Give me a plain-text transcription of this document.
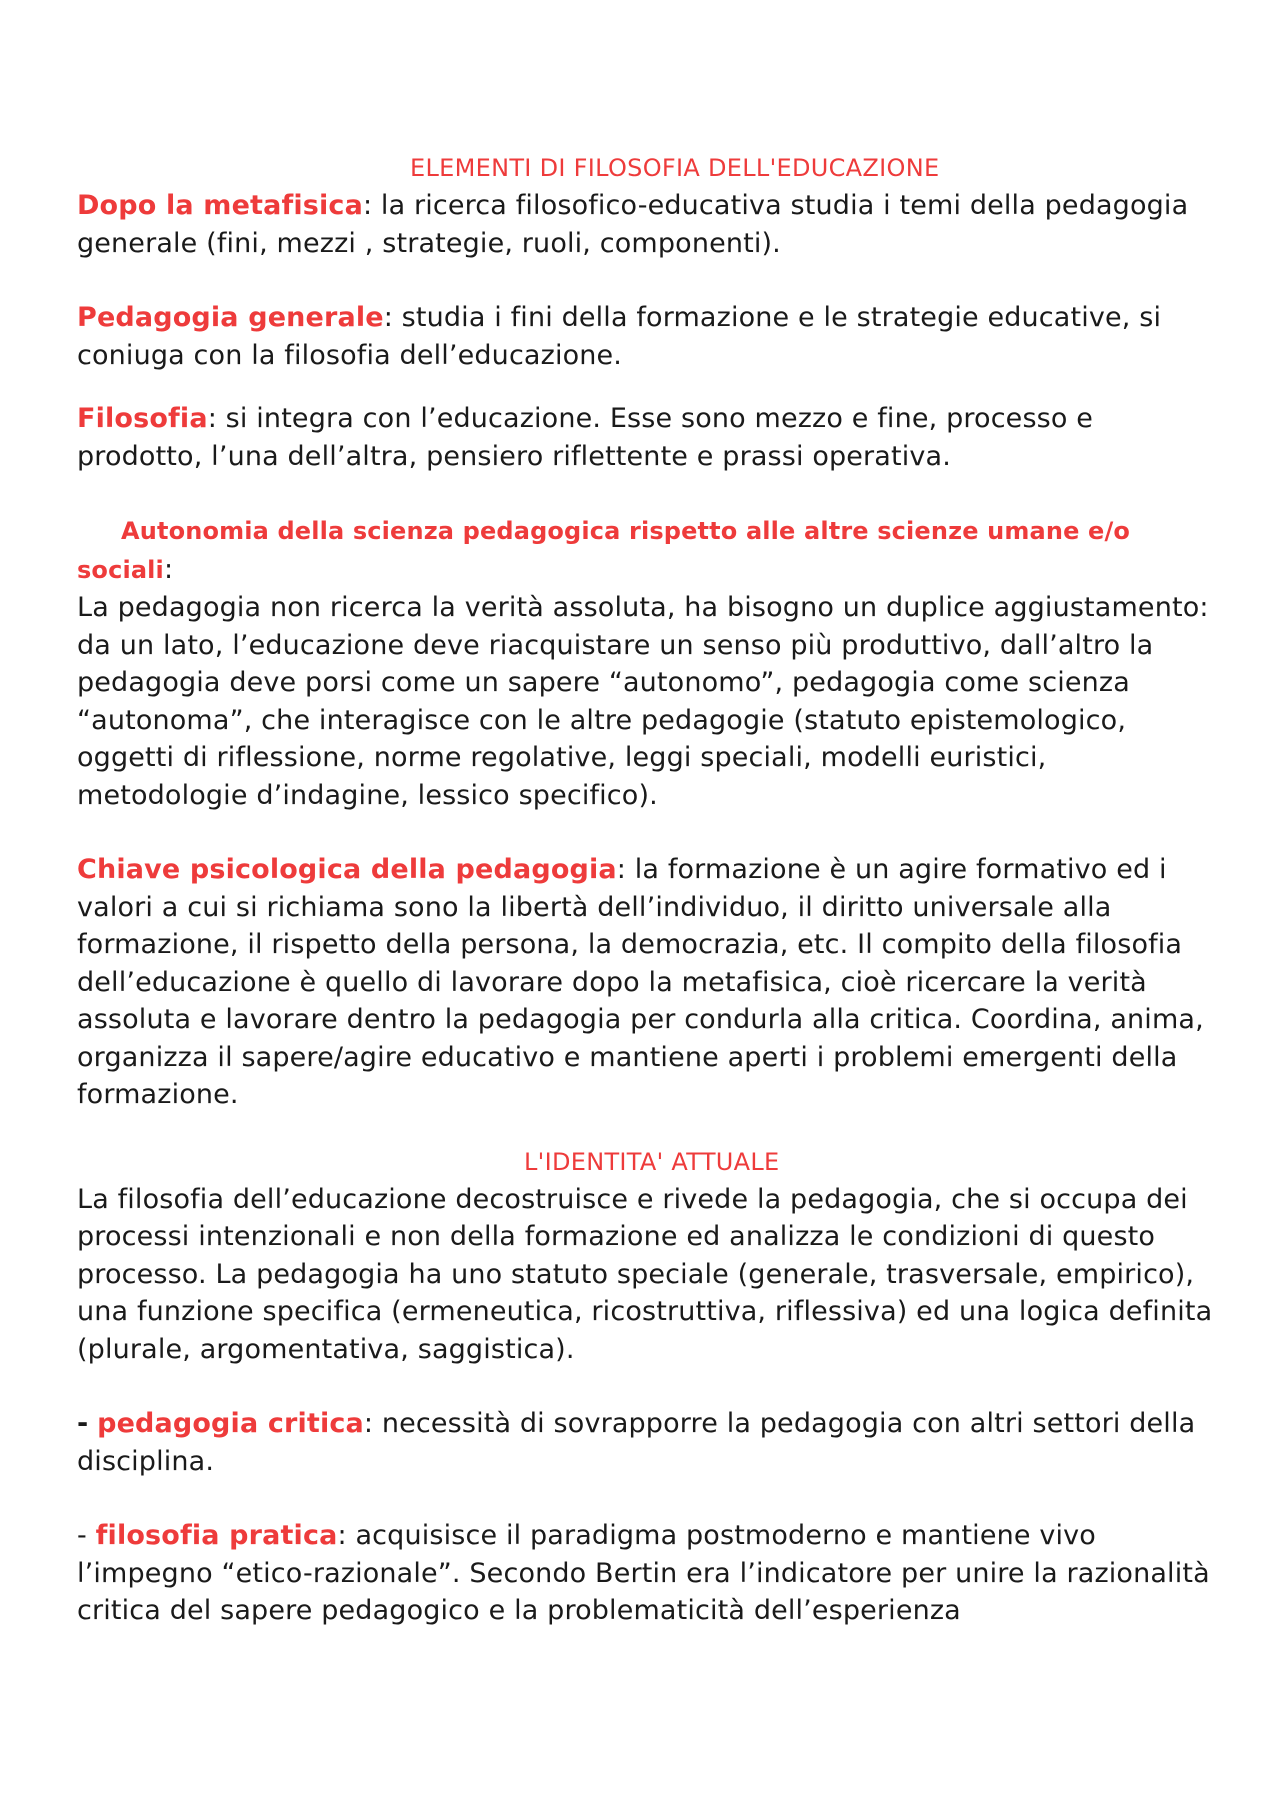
ELEMENTI DI FILOSOFIA DELL'EDUCAZIONE

Dopo la metafisica: la ricerca filosofico-educativa studia i temi della pedagogia generale (fini, mezzi , strategie, ruoli, componenti).

Pedagogia generale: studia i fini della formazione e le strategie educative, si coniuga con la filosofia dell’educazione.

Filosofia: si integra con l’educazione. Esse sono mezzo e fine, processo e prodotto, l’una dell’altra, pensiero riflettente e prassi operativa.

Autonomia della scienza pedagogica rispetto alle altre scienze umane e/o sociali:

La pedagogia non ricerca la verità assoluta, ha bisogno un duplice aggiustamento: da un lato, l’educazione deve riacquistare un senso più produttivo, dall’altro la pedagogia deve porsi come un sapere “autonomo”, pedagogia come scienza “autonoma”, che interagisce con le altre pedagogie (statuto epistemologico, oggetti di riflessione, norme regolative, leggi speciali, modelli euristici, metodologie d’indagine, lessico specifico).

Chiave psicologica della pedagogia: la formazione è un agire formativo ed i valori a cui si richiama sono la libertà dell’individuo, il diritto universale alla formazione, il rispetto della persona, la democrazia, etc. Il compito della filosofia dell’educazione è quello di lavorare dopo la metafisica, cioè ricercare la verità assoluta e lavorare dentro la pedagogia per condurla alla critica. Coordina, anima, organizza il sapere/agire educativo e mantiene aperti i problemi emergenti della formazione.

L'IDENTITA' ATTUALE

La filosofia dell’educazione decostruisce e rivede la pedagogia, che si occupa dei processi intenzionali e non della formazione ed analizza le condizioni di questo processo. La pedagogia ha uno statuto speciale (generale, trasversale, empirico), una funzione specifica (ermeneutica, ricostruttiva, riflessiva) ed una logica definita (plurale, argomentativa, saggistica).

- pedagogia critica: necessità di sovrapporre la pedagogia con altri settori della disciplina.

- filosofia pratica: acquisisce il paradigma postmoderno e mantiene vivo l’impegno “etico-razionale”. Secondo Bertin era l’indicatore per unire la razionalità critica del sapere pedagogico e la problematicità dell’esperienza
